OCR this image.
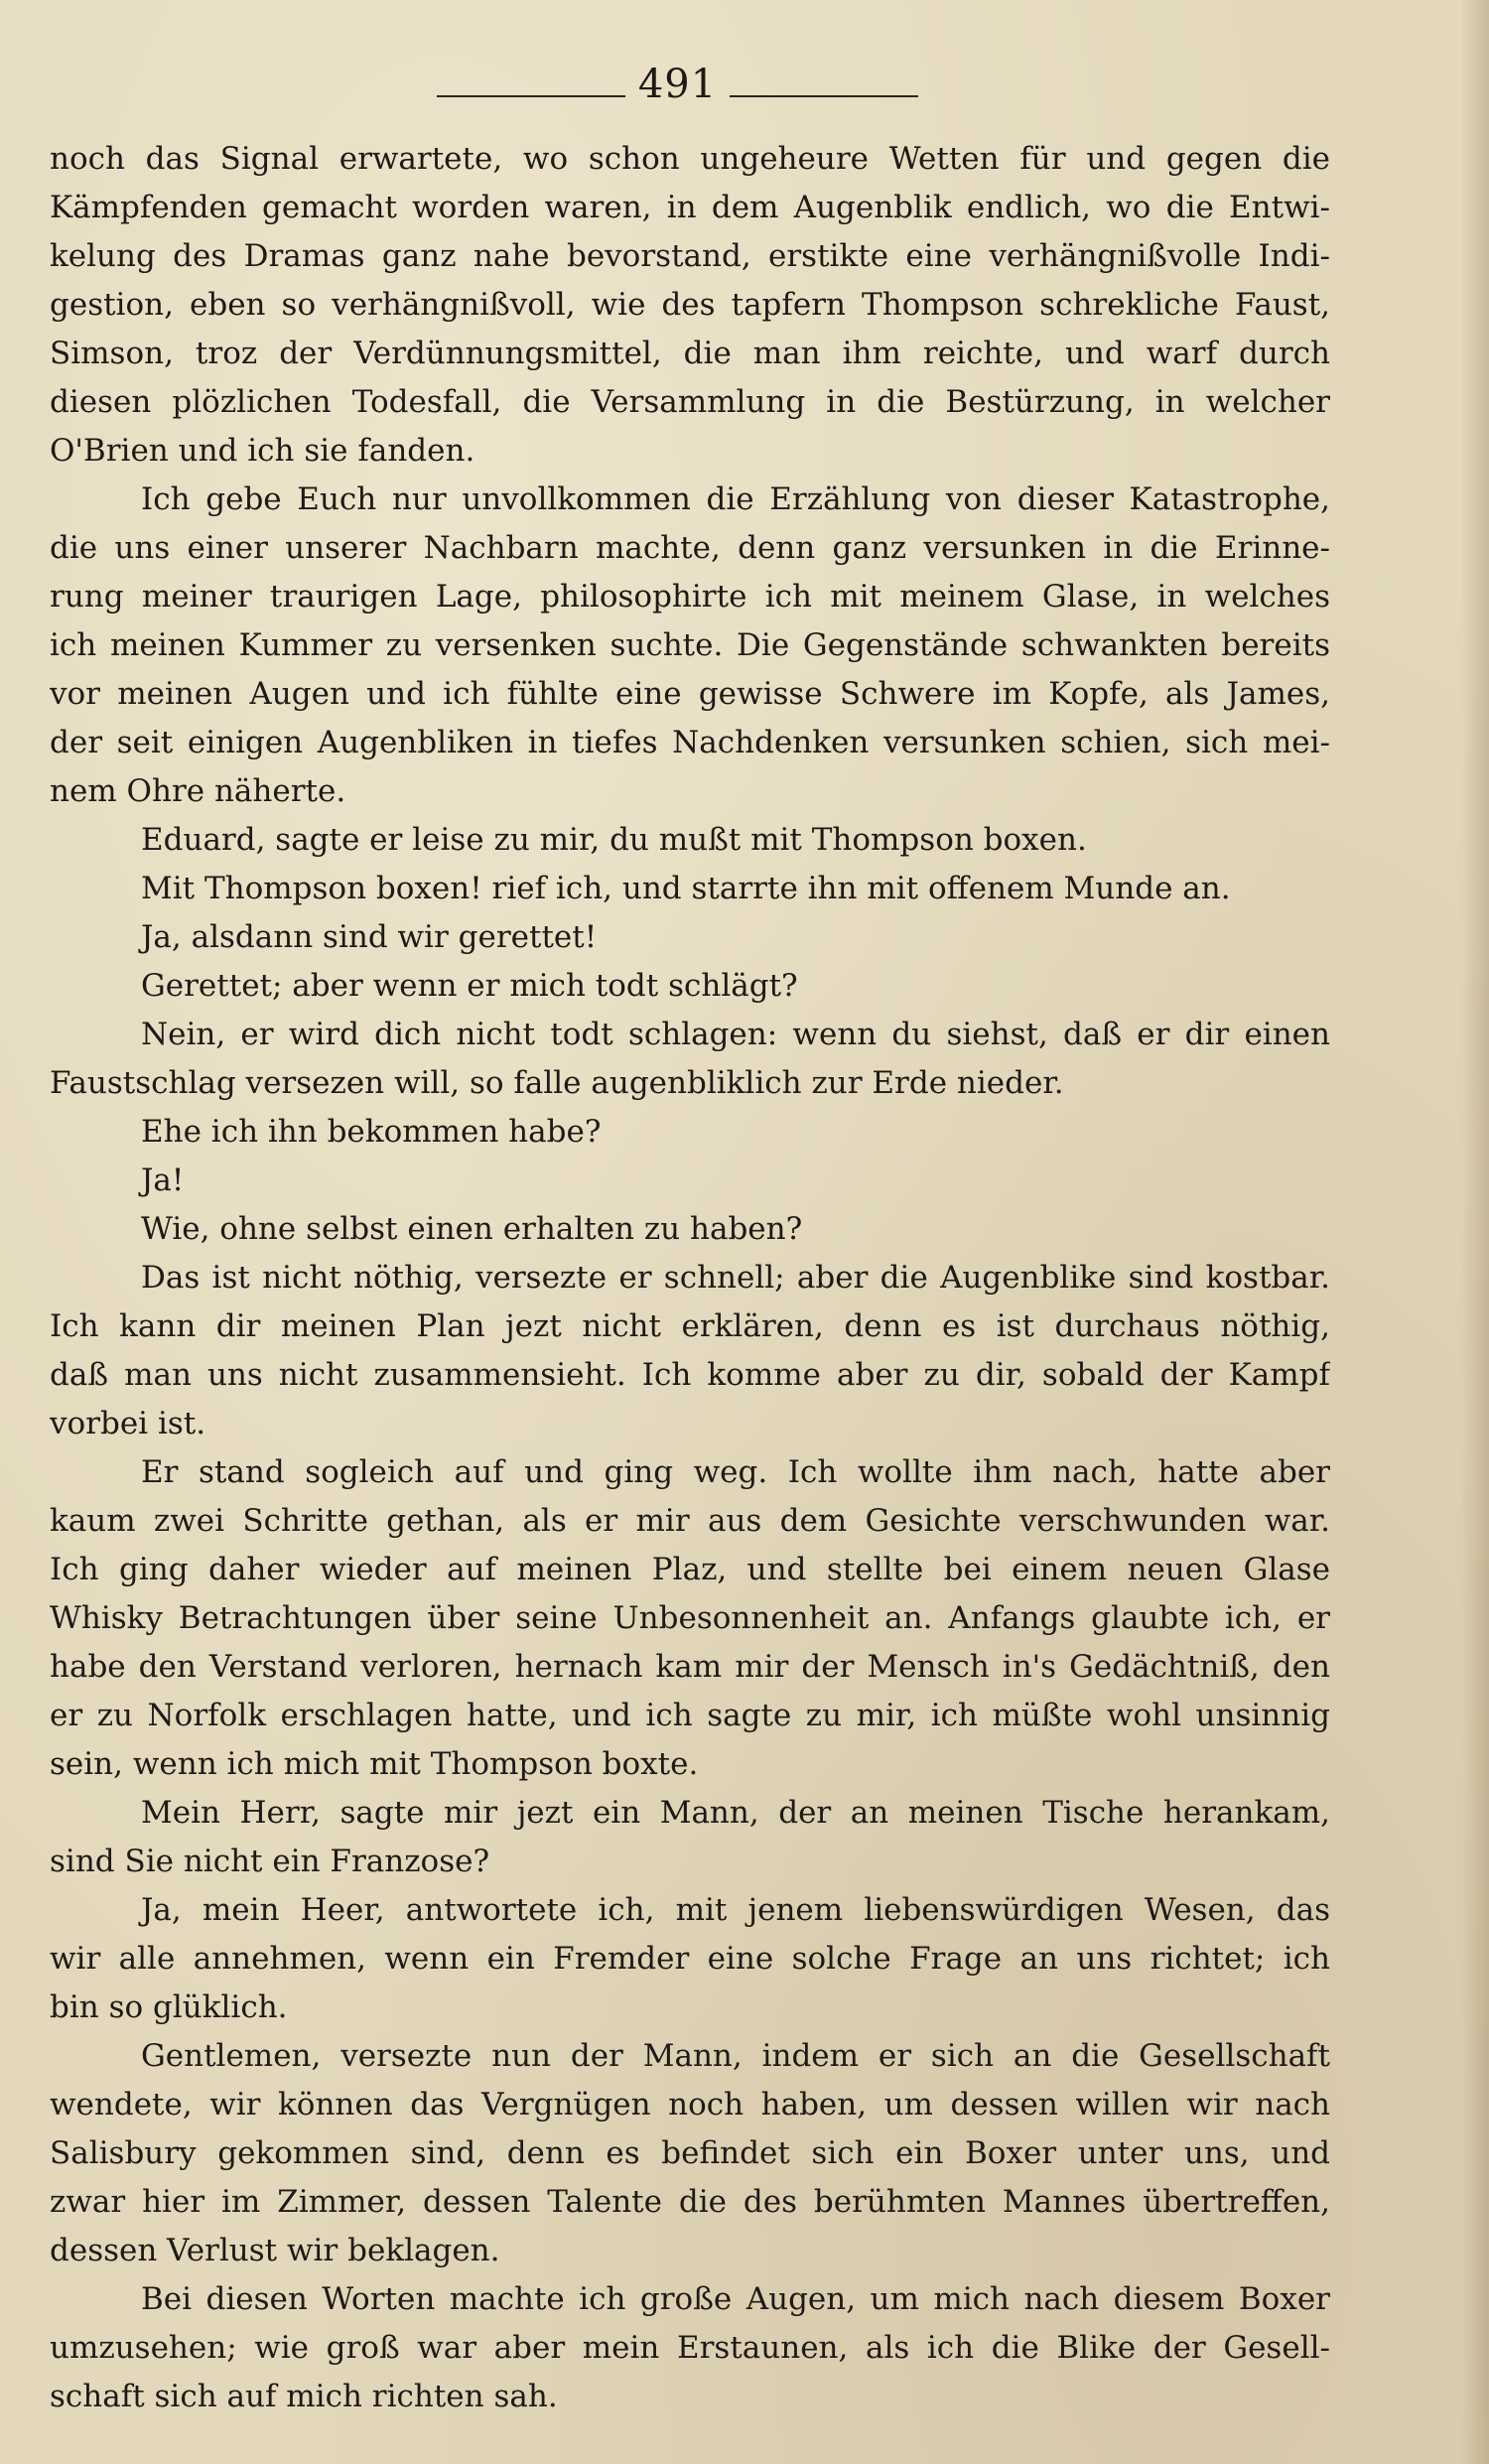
491
noch das Signal erwartete, wo schon ungeheure Wetten für und gegen die
Kämpfenden gemacht worden waren, in dem Augenblik endlich, wo die Entwi-
kelung des Dramas ganz nahe bevorstand, erstikte eine verhängnißvolle Indi-
gestion, eben so verhängnißvoll, wie des tapfern Thompson schrekliche Faust,
Simson, troz der Verdünnungsmittel, die man ihm reichte, und warf durch
diesen plözlichen Todesfall, die Versammlung in die Bestürzung, in welcher
O'Brien und ich sie fanden.
Ich gebe Euch nur unvollkommen die Erzählung von dieser Katastrophe,
die uns einer unserer Nachbarn machte, denn ganz versunken in die Erinne-
rung meiner traurigen Lage, philosophirte ich mit meinem Glase, in welches
ich meinen Kummer zu versenken suchte. Die Gegenstände schwankten bereits
vor meinen Augen und ich fühlte eine gewisse Schwere im Kopfe, als James,
der seit einigen Augenbliken in tiefes Nachdenken versunken schien, sich mei-
nem Ohre näherte.
Eduard, sagte er leise zu mir, du mußt mit Thompson boxen.
Mit Thompson boxen! rief ich, und starrte ihn mit offenem Munde an.
Ja, alsdann sind wir gerettet!
Gerettet; aber wenn er mich todt schlägt?
Nein, er wird dich nicht todt schlagen: wenn du siehst, daß er dir einen
Faustschlag versezen will, so falle augenbliklich zur Erde nieder.
Ehe ich ihn bekommen habe?
Ja!
Wie, ohne selbst einen erhalten zu haben?
Das ist nicht nöthig, versezte er schnell; aber die Augenblike sind kostbar.
Ich kann dir meinen Plan jezt nicht erklären, denn es ist durchaus nöthig,
daß man uns nicht zusammensieht. Ich komme aber zu dir, sobald der Kampf
vorbei ist.
Er stand sogleich auf und ging weg. Ich wollte ihm nach, hatte aber
kaum zwei Schritte gethan, als er mir aus dem Gesichte verschwunden war.
Ich ging daher wieder auf meinen Plaz, und stellte bei einem neuen Glase
Whisky Betrachtungen über seine Unbesonnenheit an. Anfangs glaubte ich, er
habe den Verstand verloren, hernach kam mir der Mensch in's Gedächtniß, den
er zu Norfolk erschlagen hatte, und ich sagte zu mir, ich müßte wohl unsinnig
sein, wenn ich mich mit Thompson boxte.
Mein Herr, sagte mir jezt ein Mann, der an meinen Tische herankam,
sind Sie nicht ein Franzose?
Ja, mein Heer, antwortete ich, mit jenem liebenswürdigen Wesen, das
wir alle annehmen, wenn ein Fremder eine solche Frage an uns richtet; ich
bin so glüklich.
Gentlemen, versezte nun der Mann, indem er sich an die Gesellschaft
wendete, wir können das Vergnügen noch haben, um dessen willen wir nach
Salisbury gekommen sind, denn es befindet sich ein Boxer unter uns, und
zwar hier im Zimmer, dessen Talente die des berühmten Mannes übertreffen,
dessen Verlust wir beklagen.
Bei diesen Worten machte ich große Augen, um mich nach diesem Boxer
umzusehen; wie groß war aber mein Erstaunen, als ich die Blike der Gesell-
schaft sich auf mich richten sah.
